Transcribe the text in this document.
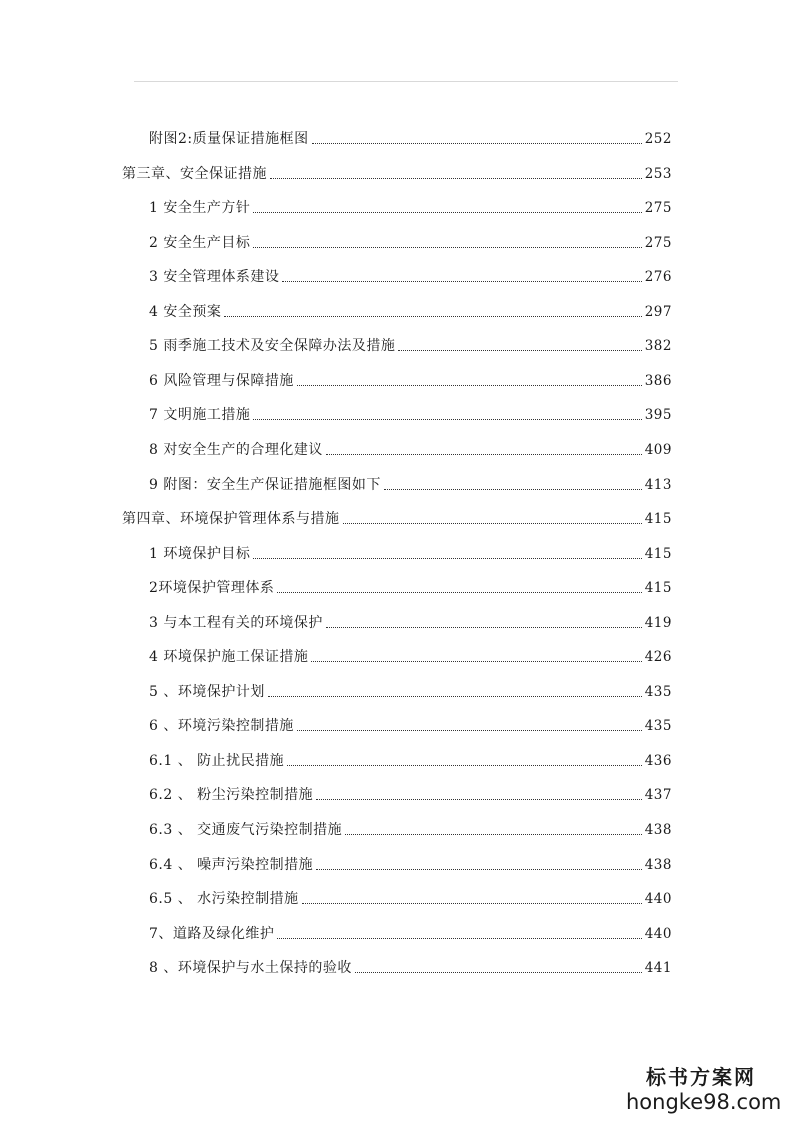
附图2:质量保证措施框图	252
第三章、安全保证措施	253
1 安全生产方针	275
2 安全生产目标	275
3 安全管理体系建设	276
4 安全预案	297
5 雨季施工技术及安全保障办法及措施	382
6 风险管理与保障措施	386
7 文明施工措施	395
8 对安全生产的合理化建议	409
9 附图：安全生产保证措施框图如下	413
第四章、环境保护管理体系与措施	415
1 环境保护目标	415
2环境保护管理体系	415
3 与本工程有关的环境保护	419
4 环境保护施工保证措施	426
5 、环境保护计划	435
6 、环境污染控制措施	435
6.1 、 防止扰民措施	436
6.2 、 粉尘污染控制措施	437
6.3 、 交通废气污染控制措施	438
6.4 、 噪声污染控制措施	438
6.5 、 水污染控制措施	440
7、道路及绿化维护	440
8 、环境保护与水土保持的验收	441
标书方案网
hongke98.com
